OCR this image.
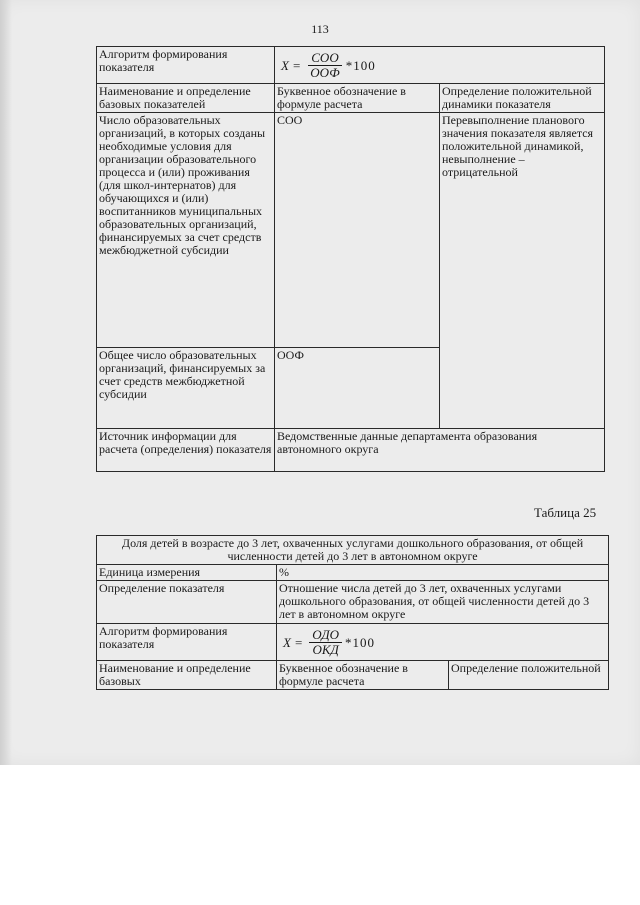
113
Алгоритм формирования показателя	$X = \frac{\text{СОО}}{\text{ООФ}} *100$	

Наименование и определение базовых показателей	Буквенное обозначение в формуле расчета	Определение положительной динамики показателя
Число образовательных организаций, в которых созданы необходимые условия для организации образовательного процесса и (или) проживания (для школ-интернатов) для обучающихся и (или) воспитанников муниципальных образовательных организаций, финансируемых за счет средств межбюджетной субсидии	СОО	Перевыполнение планового значения показателя является положительной динамикой, невыполнение – отрицательной
Общее число образовательных организаций, финансируемых за счет средств межбюджетной субсидии	ООФ	
Источник информации для расчета (определения) показателя	Ведомственные данные департамента образования автономного округа	
Таблица 25
Доля детей в возрасте до 3 лет, охваченных услугами дошкольного образования, от общей численности детей до 3 лет в автономном округе		
Единица измерения	%	
Определение показателя	Отношение числа детей до 3 лет, охваченных услугами дошкольного образования, от общей численности детей до 3 лет в автономном округе	
Алгоритм формирования показателя	$X = \frac{\text{ОДО}}{\text{ОКД}} *100$	

Наименование и определение базовых	Буквенное обозначение в формуле расчета	Определение положительной
